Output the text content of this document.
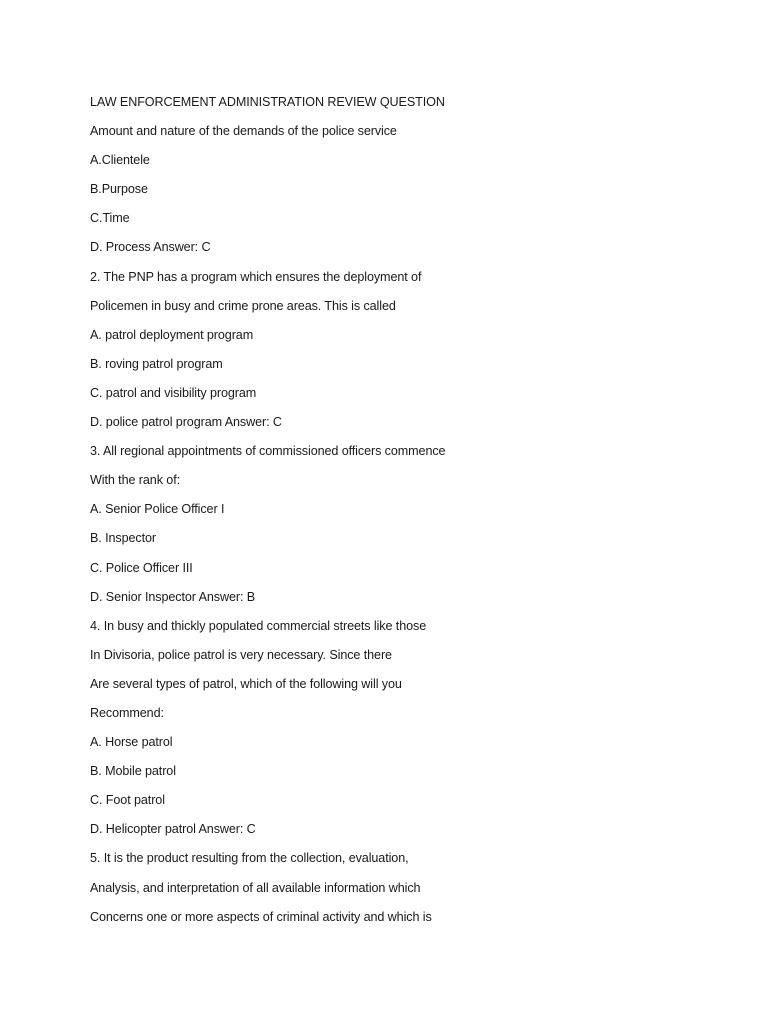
LAW ENFORCEMENT ADMINISTRATION REVIEW QUESTION
Amount and nature of the demands of the police service
A.Clientele
B.Purpose
C.Time
D. Process Answer: C
2. The PNP has a program which ensures the deployment of
Policemen in busy and crime prone areas. This is called
A. patrol deployment program
B. roving patrol program
C. patrol and visibility program
D. police patrol program Answer: C
3. All regional appointments of commissioned officers commence
With the rank of:
A. Senior Police Officer I
B. Inspector
C. Police Officer III
D. Senior Inspector Answer: B
4. In busy and thickly populated commercial streets like those
In Divisoria, police patrol is very necessary. Since there
Are several types of patrol, which of the following will you
Recommend:
A. Horse patrol
B. Mobile patrol
C. Foot patrol
D. Helicopter patrol Answer: C
5. It is the product resulting from the collection, evaluation,
Analysis, and interpretation of all available information which
Concerns one or more aspects of criminal activity and which is
